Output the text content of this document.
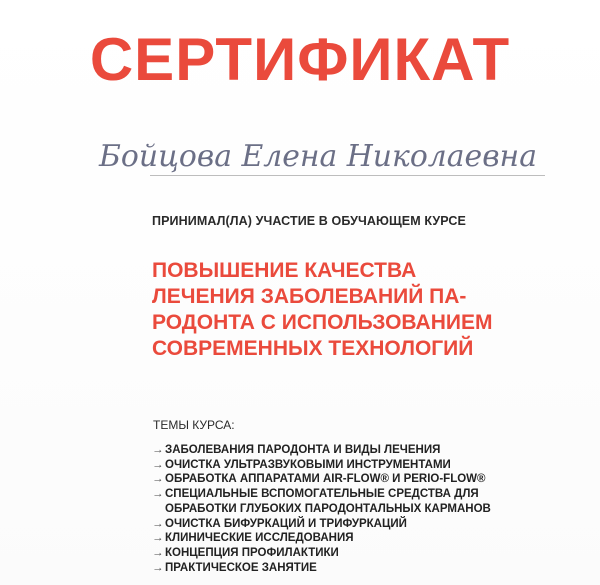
СЕРТИФИКАТ
Бойцова Елена Николаевна
ПРИНИМАЛ(ЛА) УЧАСТИЕ В ОБУЧАЮЩЕМ КУРСЕ
ПОВЫШЕНИЕ КАЧЕСТВА
ЛЕЧЕНИЯ ЗАБОЛЕВАНИЙ ПА-
РОДОНТА С ИСПОЛЬЗОВАНИЕМ
СОВРЕМЕННЫХ ТЕХНОЛОГИЙ
ТЕМЫ КУРСА:
→ ЗАБОЛЕВАНИЯ ПАРОДОНТА И ВИДЫ ЛЕЧЕНИЯ
→ ОЧИСТКА УЛЬТРАЗВУКОВЫМИ ИНСТРУМЕНТАМИ
→ ОБРАБОТКА АППАРАТАМИ AIR-FLOW® И PERIO-FLOW®
→ СПЕЦИАЛЬНЫЕ ВСПОМОГАТЕЛЬНЫЕ СРЕДСТВА ДЛЯ
ОБРАБОТКИ ГЛУБОКИХ ПАРОДОНТАЛЬНЫХ КАРМАНОВ
→ ОЧИСТКА БИФУРКАЦИЙ И ТРИФУРКАЦИЙ
→ КЛИНИЧЕСКИЕ ИССЛЕДОВАНИЯ
→ КОНЦЕПЦИЯ ПРОФИЛАКТИКИ
→ ПРАКТИЧЕСКОЕ ЗАНЯТИЕ
